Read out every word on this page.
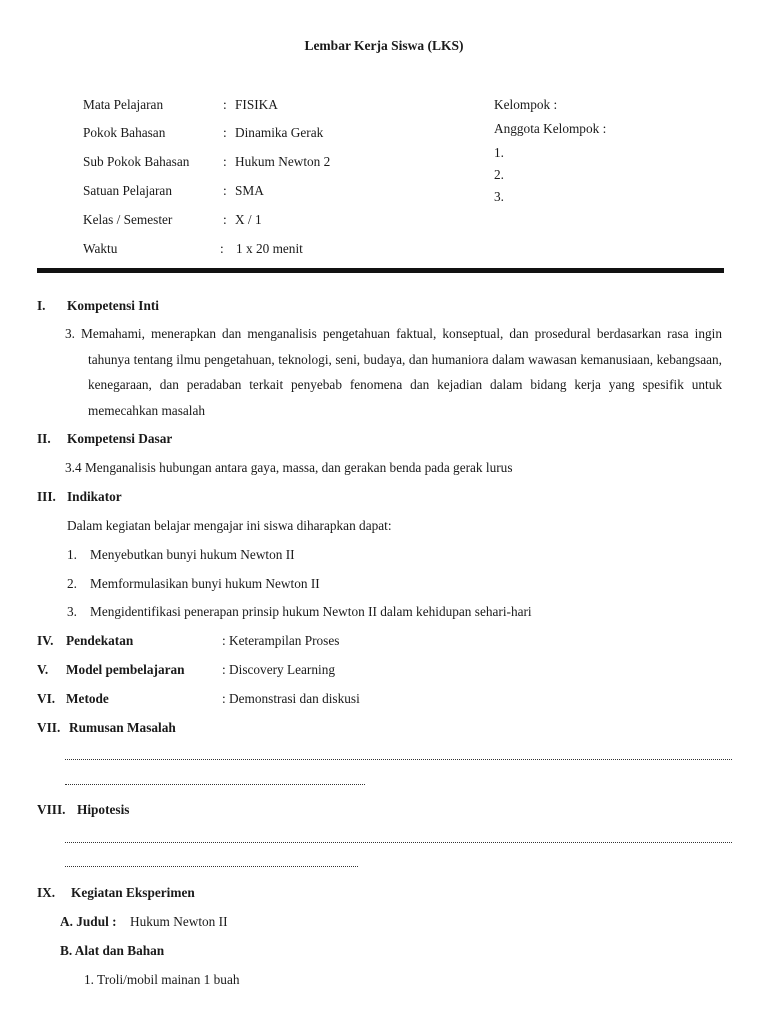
Lembar Kerja Siswa (LKS)
Mata Pelajaran	: FISIKA
Pokok Bahasan	: Dinamika Gerak
Sub Pokok Bahasan	: Hukum Newton 2
Satuan Pelajaran	: SMA
Kelas / Semester	: X / 1
Waktu	: 1 x 20 menit
Kelompok :
Anggota Kelompok :
1.
2.
3.
I. Kompetensi Inti
3. Memahami, menerapkan dan menganalisis pengetahuan faktual, konseptual, dan prosedural berdasarkan rasa ingin tahunya tentang ilmu pengetahuan, teknologi, seni, budaya, dan humaniora dalam wawasan kemanusiaan, kebangsaan, kenegaraan, dan peradaban terkait penyebab fenomena dan kejadian dalam bidang kerja yang spesifik untuk memecahkan masalah
II. Kompetensi Dasar
3.4 Menganalisis hubungan antara gaya, massa, dan gerakan benda pada gerak lurus
III. Indikator
Dalam kegiatan belajar mengajar ini siswa diharapkan dapat:
1. Menyebutkan bunyi hukum Newton II
2. Memformulasikan bunyi hukum Newton II
3. Mengidentifikasi penerapan prinsip hukum Newton II dalam kehidupan sehari-hari
IV. Pendekatan	: Keterampilan Proses
V. Model pembelajaran	: Discovery Learning
VI. Metode	: Demonstrasi dan diskusi
VII. Rumusan Masalah
VIII. Hipotesis
IX. Kegiatan Eksperimen
A. Judul : Hukum Newton II
B. Alat dan Bahan
1. Troli/mobil mainan 1 buah
